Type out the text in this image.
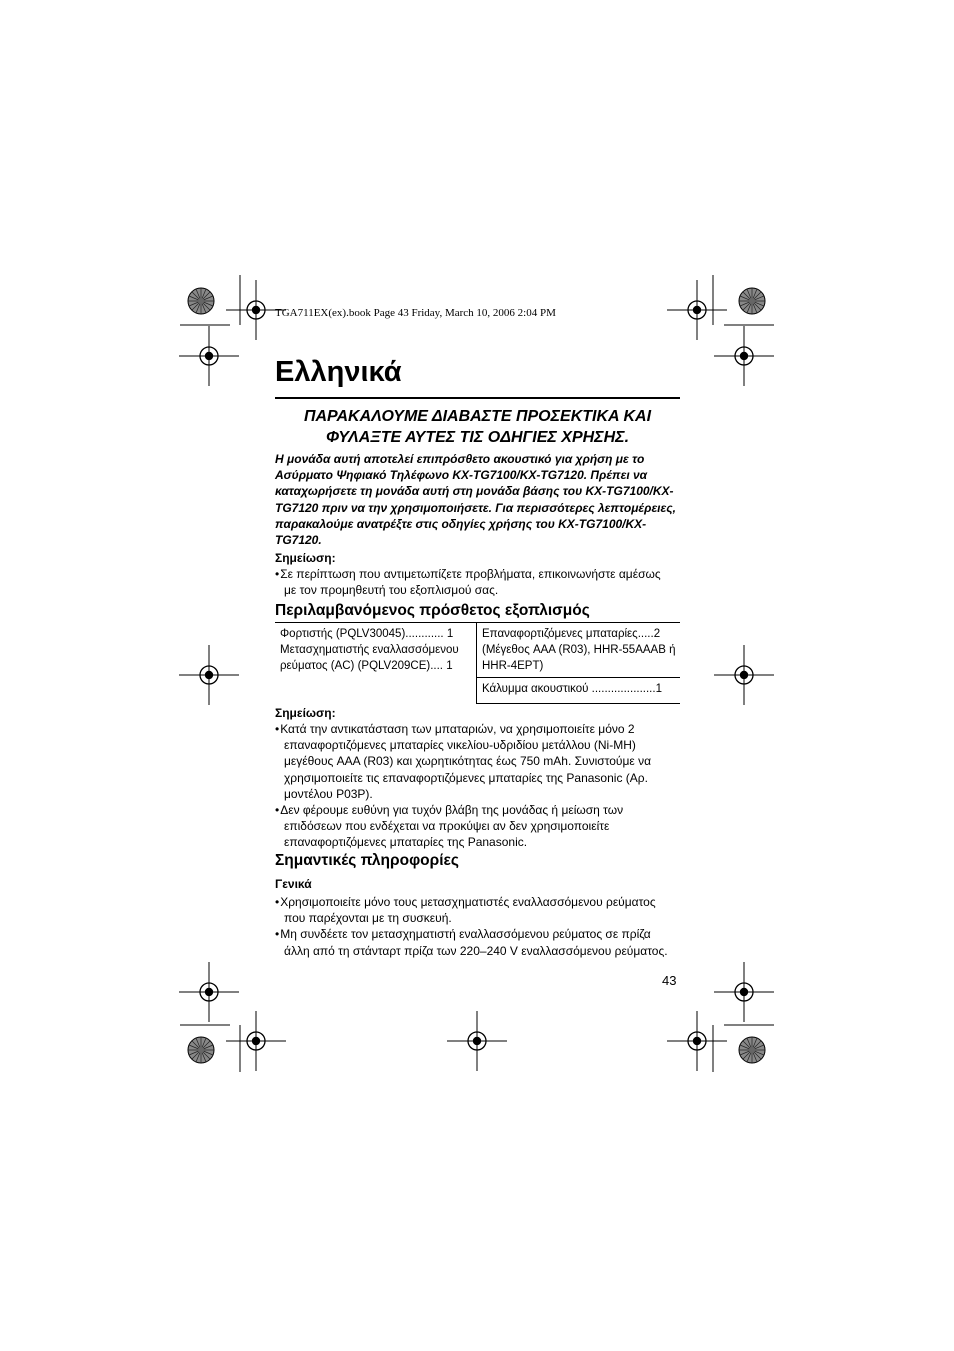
TGA711EX(ex).book Page 43 Friday, March 10, 2006 2:04 PM
Ελληνικά
ΠΑΡΑΚΑΛΟΥΜΕ ΔΙΑΒΑΣΤΕ ΠΡΟΣΕΚΤΙΚΑ ΚΑΙ
ΦΥΛΑΞΤΕ ΑΥΤΕΣ ΤΙΣ ΟΔΗΓΙΕΣ ΧΡΗΣΗΣ.
Η μονάδα αυτή αποτελεί επιπρόσθετο ακουστικό για χρήση με το
Ασύρματο Ψηφιακό Τηλέφωνο KX-TG7100/KX-TG7120. Πρέπει να
καταχωρήσετε τη μονάδα αυτή στη μονάδα βάσης του KX-TG7100/KX-
TG7120 πριν να την χρησιμοποιήσετε. Για περισσότερες λεπτομέρειες,
παρακαλούμε ανατρέξτε στις οδηγίες χρήσης του KX-TG7100/KX-
TG7120.
Σημείωση:
• Σε περίπτωση που αντιμετωπίζετε προβλήματα, επικοινωνήστε αμέσως
με τον προμηθευτή του εξοπλισμού σας.
Περιλαμβανόμενος πρόσθετος εξοπλισμός
Φορτιστής (PQLV30045)............ 1
Μετασχηματιστής εναλλασσόμενου
ρεύματος (AC) (PQLV209CE).... 1
Επαναφορτιζόμενες μπαταρίες.....2
(Μέγεθος AAA (R03), HHR-55AAAB ή
HHR-4EPT)
Κάλυμμα ακουστικού ....................1
Σημείωση:
• Κατά την αντικατάσταση των μπαταριών, να χρησιμοποιείτε μόνο 2
επαναφορτιζόμενες μπαταρίες νικελίου-υδριδίου μετάλλου (Ni-MH)
μεγέθους AAA (R03) και χωρητικότητας έως 750 mAh. Συνιστούμε να
χρησιμοποιείτε τις επαναφορτιζόμενες μπαταρίες της Panasonic (Αρ.
μοντέλου P03P).
• Δεν φέρουμε ευθύνη για τυχόν βλάβη της μονάδας ή μείωση των
επιδόσεων που ενδέχεται να προκύψει αν δεν χρησιμοποιείτε
επαναφορτιζόμενες μπαταρίες της Panasonic.
Σημαντικές πληροφορίες
Γενικά
• Χρησιμοποιείτε μόνο τους μετασχηματιστές εναλλασσόμενου ρεύματος
που παρέχονται με τη συσκευή.
• Μη συνδέετε τον μετασχηματιστή εναλλασσόμενου ρεύματος σε πρίζα
άλλη από τη στάνταρτ πρίζα των 220–240 V εναλλασσόμενου ρεύματος.
43
